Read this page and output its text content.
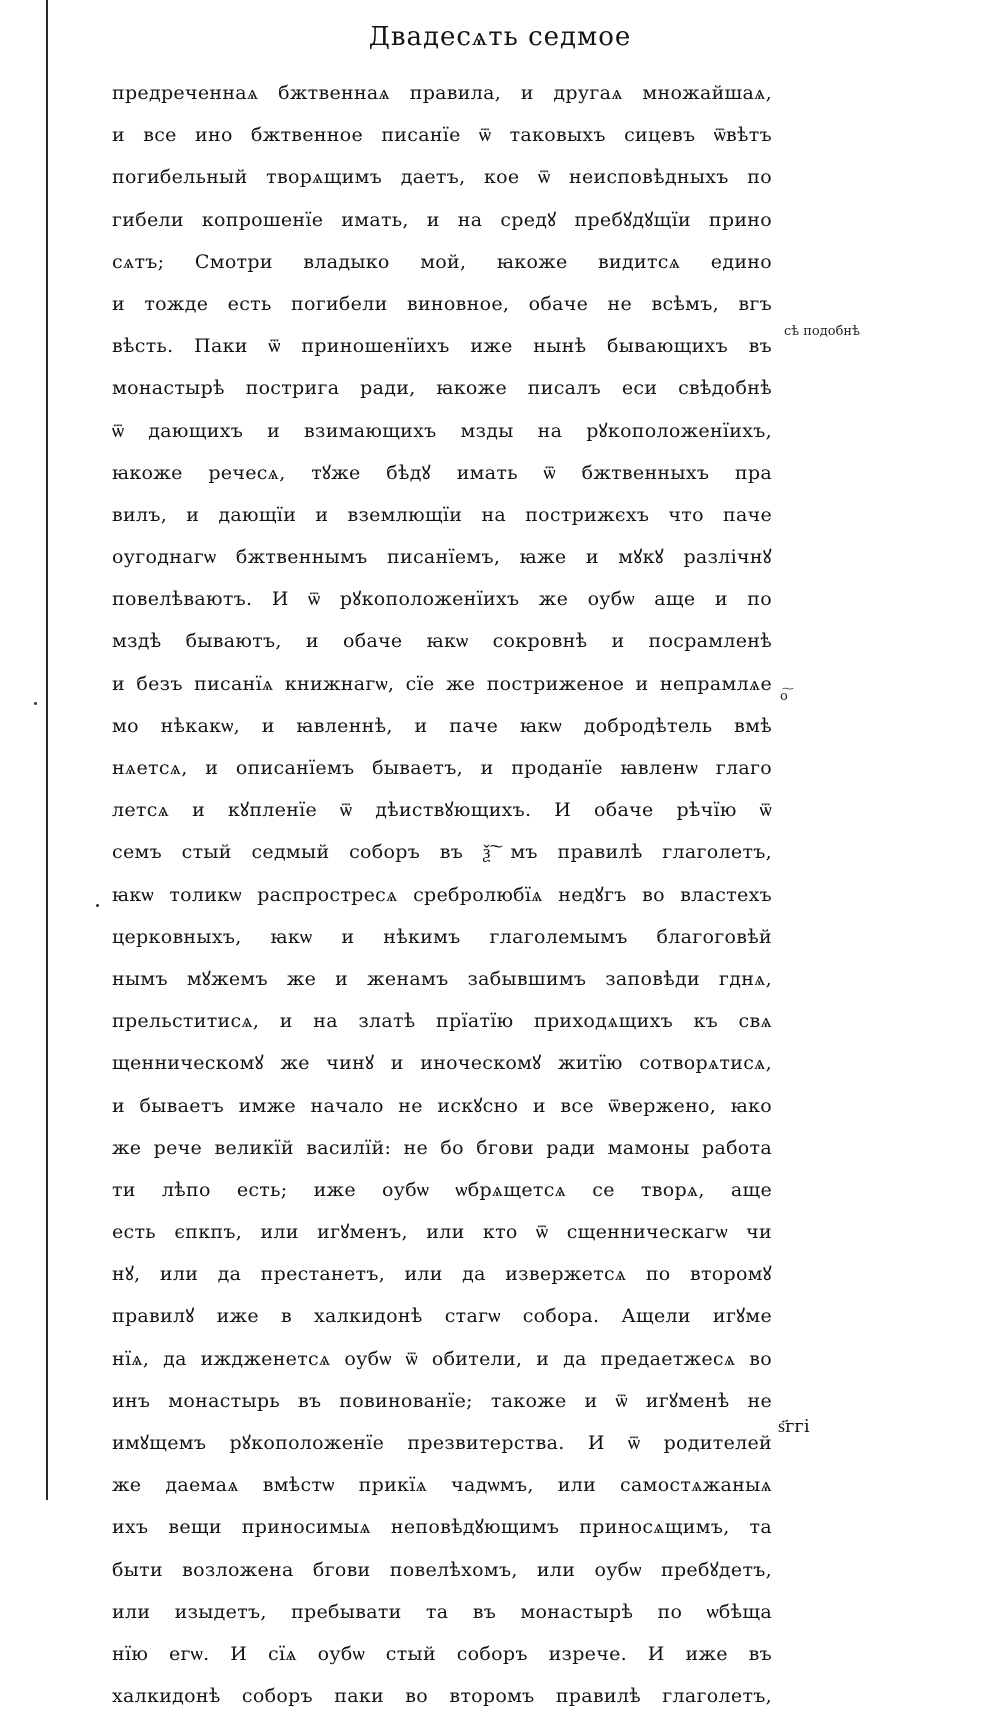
Двадесѧть седмое
предреченнаѧ бжтвеннаѧ правила, и другаѧ множайшаѧ,
и все ино бжтвенное писанїе ѿ таковыхъ сицевъ ѿвѣтъ
погибельный творѧщимъ даетъ, кое ѿ неисповѣдныхъ по
гибели копрошенїе имать, и на средꙋ пребꙋдꙋщїи прино
сѧтъ; Смотри владыко мой, ꙗкоже видитсѧ едино
и тожде есть погибели виновное, обаче не всѣмъ, вгъ
вѣсть. Паки ѿ приношенїихъ иже нынѣ бывающихъ въ
монастырѣ пострига ради, ꙗкоже писалъ еси свѣдобнѣ
ѿ дающихъ и взимающихъ мзды на рꙋкоположенїихъ,
ꙗкоже речесѧ, тꙋже бѣдꙋ имать ѿ бжтвенныхъ пра
вилъ, и дающїи и вземлющїи на пострижєхъ что паче
оугоднагѡ бжтвеннымъ писанїемъ, ꙗже и мꙋкꙋ разлічнꙋ
повелѣваютъ. И ѿ рꙋкоположенїихъ же оубѡ аще и по
мздѣ бываютъ, и обаче ꙗкѡ сокровнѣ и посрамленѣ
и безъ писанїѧ книжнагѡ, сїе же постриженое и непрамлѧе
мо нѣкакѡ, и ꙗвленнѣ, и паче ꙗкѡ добродѣтель вмѣ
нѧетсѧ, и описанїемъ бываетъ, и проданїе ꙗвленѡ глаго
летсѧ и кꙋпленїе ѿ дѣиствꙋющихъ. И обаче рѣчїю ѿ
семъ стый седмый соборъ въ ѯ͠ мъ правилѣ глаголетъ,
ꙗкѡ толикѡ распростресѧ сребролюбїѧ недꙋгъ во властехъ
церковныхъ, ꙗкѡ и нѣкимъ глаголемымъ благоговѣй
нымъ мꙋжемъ же и женамъ забывшимъ заповѣди гднѧ,
прельститисѧ, и на златѣ прїатїю приходѧщихъ къ свѧ
щенническомꙋ же чинꙋ и иноческомꙋ житїю сотворѧтисѧ,
и бываетъ имже начало не искꙋсно и все ѿвержено, ꙗко
же рече великїй василїй: не бо бгови ради мамоны работа
ти лѣпо есть; иже оубѡ ѡбрѧщетсѧ се творѧ, аще
есть єпкпъ, или игꙋменъ, или кто ѿ сщенническагѡ чи
нꙋ, или да престанетъ, или да извержетсѧ по второмꙋ
правилꙋ иже в халкидонѣ стагѡ собора. Ащели игꙋме
нїѧ, да иждженетсѧ оубѡ ѿ обители, и да предаетжесѧ во
инъ монастырь въ повинованїе; такоже и ѿ игꙋменѣ не
имꙋщемъ рꙋкоположенїе презвитерства. И ѿ родителей
же даемаѧ вмѣстѡ прикїѧ чадѡмъ, или самостѧжаныѧ
ихъ вещи приносимыѧ неповѣдꙋющимъ приносѧщимъ, та
быти возложена бгови повелѣхомъ, или оубѡ пребꙋдетъ,
или изыдетъ, пребывати та въ монастырѣ по ѡбѣща
нїю егѡ. И сїѧ оубѡ стый соборъ изрече. И иже въ
халкидонѣ соборъ паки во второмъ правилѣ глаголетъ,
сѣ подобнѣ
о͠
ѕ҃ггі
